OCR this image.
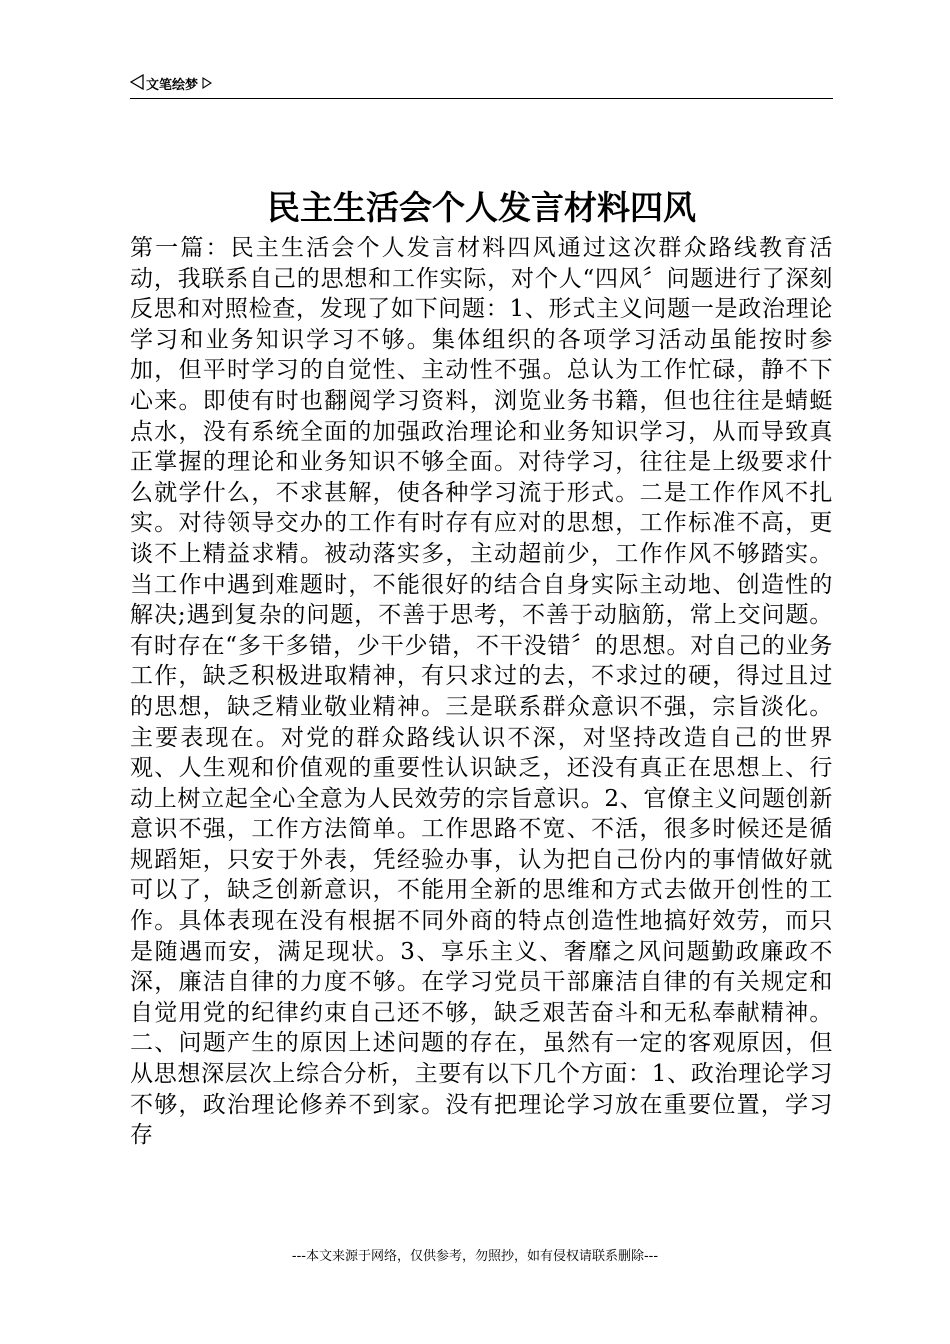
文笔绘梦
民主生活会个人发言材料四风

第一篇：民主生活会个人发言材料四风通过这次群众路线教育活动，我联系自己的思想和工作实际，对个人“四风〞问题进行了深刻反思和对照检查，发现了如下问题：1、形式主义问题一是政治理论学习和业务知识学习不够。集体组织的各项学习活动虽能按时参加，但平时学习的自觉性、主动性不强。总认为工作忙碌，静不下心来。即使有时也翻阅学习资料，浏览业务书籍，但也往往是蜻蜓点水，没有系统全面的加强政治理论和业务知识学习，从而导致真正掌握的理论和业务知识不够全面。对待学习，往往是上级要求什么就学什么，不求甚解，使各种学习流于形式。二是工作作风不扎实。对待领导交办的工作有时存有应对的思想，工作标准不高，更谈不上精益求精。被动落实多，主动超前少，工作作风不够踏实。当工作中遇到难题时，不能很好的结合自身实际主动地、创造性的解决;遇到复杂的问题，不善于思考，不善于动脑筋，常上交问题。有时存在“多干多错，少干少错，不干没错〞的思想。对自己的业务工作，缺乏积极进取精神，有只求过的去，不求过的硬，得过且过的思想，缺乏精业敬业精神。三是联系群众意识不强，宗旨淡化。主要表现在。对党的群众路线认识不深，对坚持改造自己的世界观、人生观和价值观的重要性认识缺乏，还没有真正在思想上、行动上树立起全心全意为人民效劳的宗旨意识。2、官僚主义问题创新意识不强，工作方法简单。工作思路不宽、不活，很多时候还是循规蹈矩，只安于外表，凭经验办事，认为把自己份内的事情做好就可以了，缺乏创新意识，不能用全新的思维和方式去做开创性的工作。具体表现在没有根据不同外商的特点创造性地搞好效劳，而只是随遇而安，满足现状。3、享乐主义、奢靡之风问题勤政廉政不深，廉洁自律的力度不够。在学习党员干部廉洁自律的有关规定和自觉用党的纪律约束自己还不够，缺乏艰苦奋斗和无私奉献精神。二、问题产生的原因上述问题的存在，虽然有一定的客观原因，但从思想深层次上综合分析，主要有以下几个方面：1、政治理论学习不够，政治理论修养不到家。没有把理论学习放在重要位置，学习存

---本文来源于网络，仅供参考，勿照抄，如有侵权请联系删除---
